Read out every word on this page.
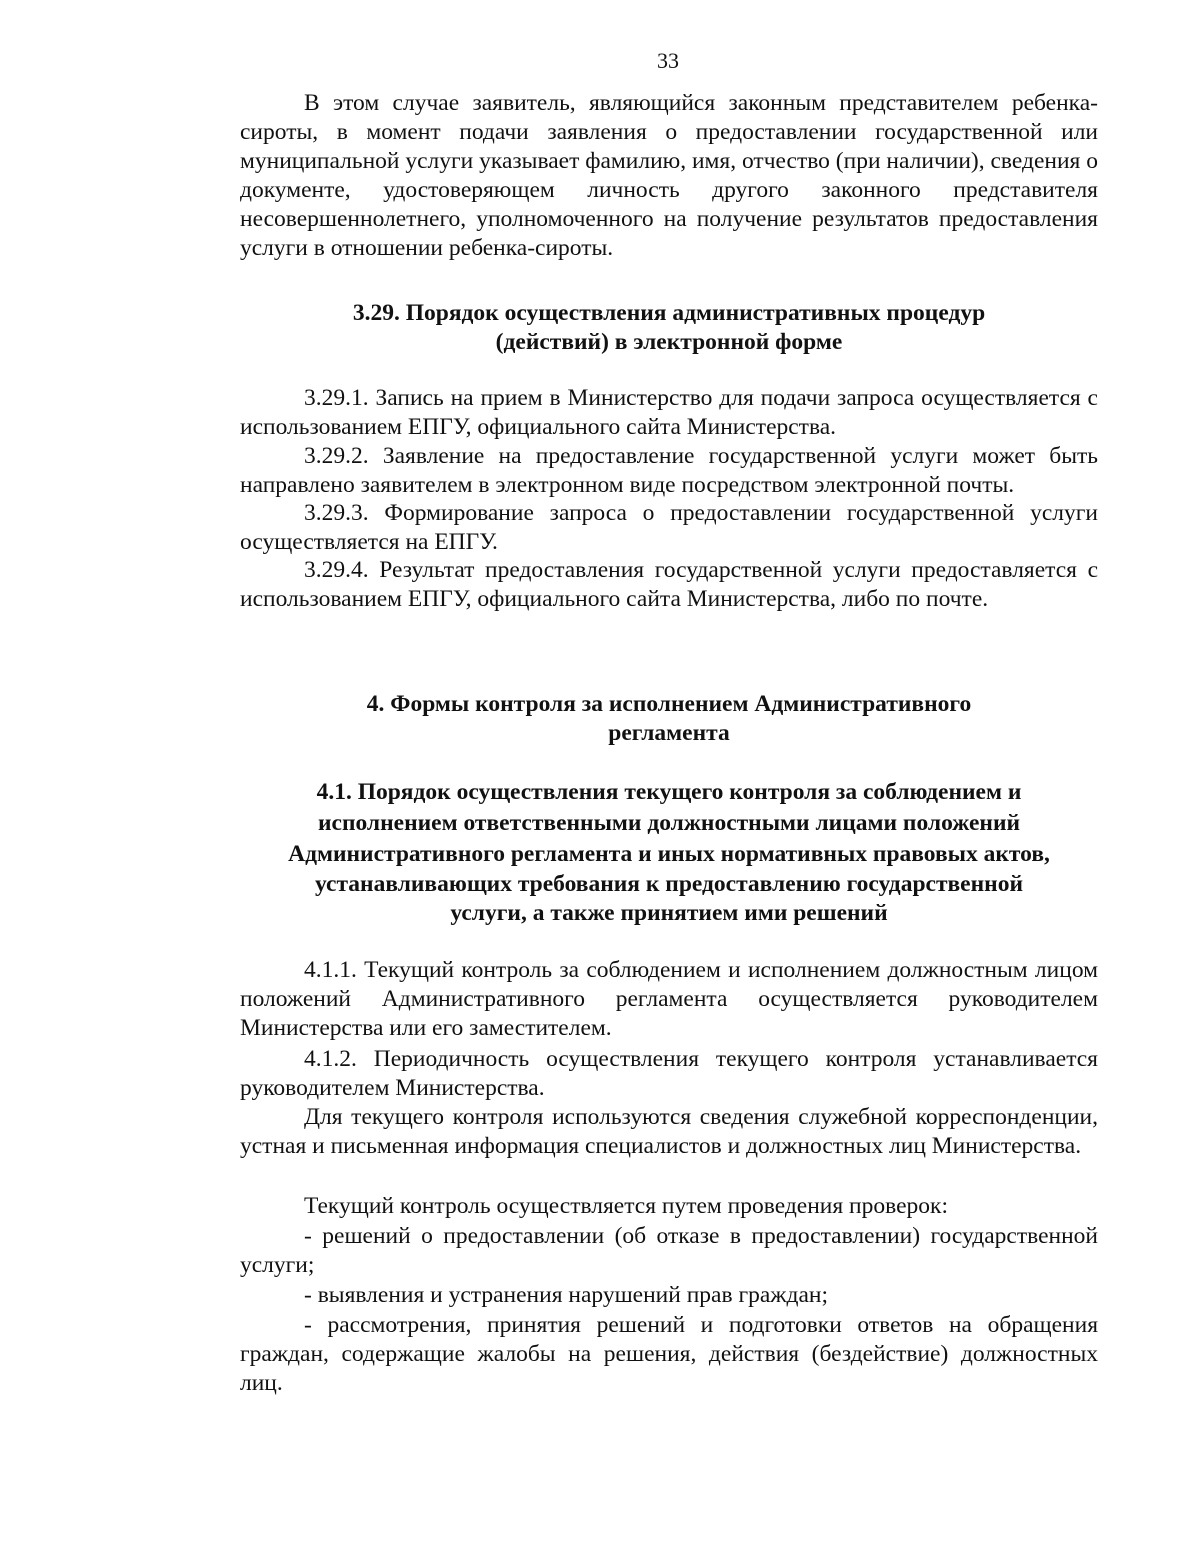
33

В этом случае заявитель, являющийся законным представителем ребенка-сироты, в момент подачи заявления о предоставлении государственной или муниципальной услуги указывает фамилию, имя, отчество (при наличии), сведения о документе, удостоверяющем личность другого законного представителя несовершеннолетнего, уполномоченного на получение результатов предоставления услуги в отношении ребенка-сироты.

3.29. Порядок осуществления административных процедур
(действий) в электронной форме

3.29.1. Запись на прием в Министерство для подачи запроса осуществляется с использованием ЕПГУ, официального сайта Министерства.

3.29.2. Заявление на предоставление государственной услуги может быть направлено заявителем в электронном виде посредством электронной почты.

3.29.3. Формирование запроса о предоставлении государственной услуги осуществляется на ЕПГУ.

3.29.4. Результат предоставления государственной услуги предоставляется с использованием ЕПГУ, официального сайта Министерства, либо по почте.

4. Формы контроля за исполнением Административного
регламента
4.1. Порядок осуществления текущего контроля за соблюдением и
исполнением ответственными должностными лицами положений
Административного регламента и иных нормативных правовых актов,
устанавливающих требования к предоставлению государственной
услуги, а также принятием ими решений

4.1.1. Текущий контроль за соблюдением и исполнением должностным лицом положений Административного регламента осуществляется руководителем Министерства или его заместителем.

4.1.2. Периодичность осуществления текущего контроля устанавливается руководителем Министерства.

Для текущего контроля используются сведения служебной корреспонденции, устная и письменная информация специалистов и должностных лиц Министерства.

Текущий контроль осуществляется путем проведения проверок:

- решений о предоставлении (об отказе в предоставлении) государственной услуги;

- выявления и устранения нарушений прав граждан;

- рассмотрения, принятия решений и подготовки ответов на обращения граждан, содержащие жалобы на решения, действия (бездействие) должностных лиц.
